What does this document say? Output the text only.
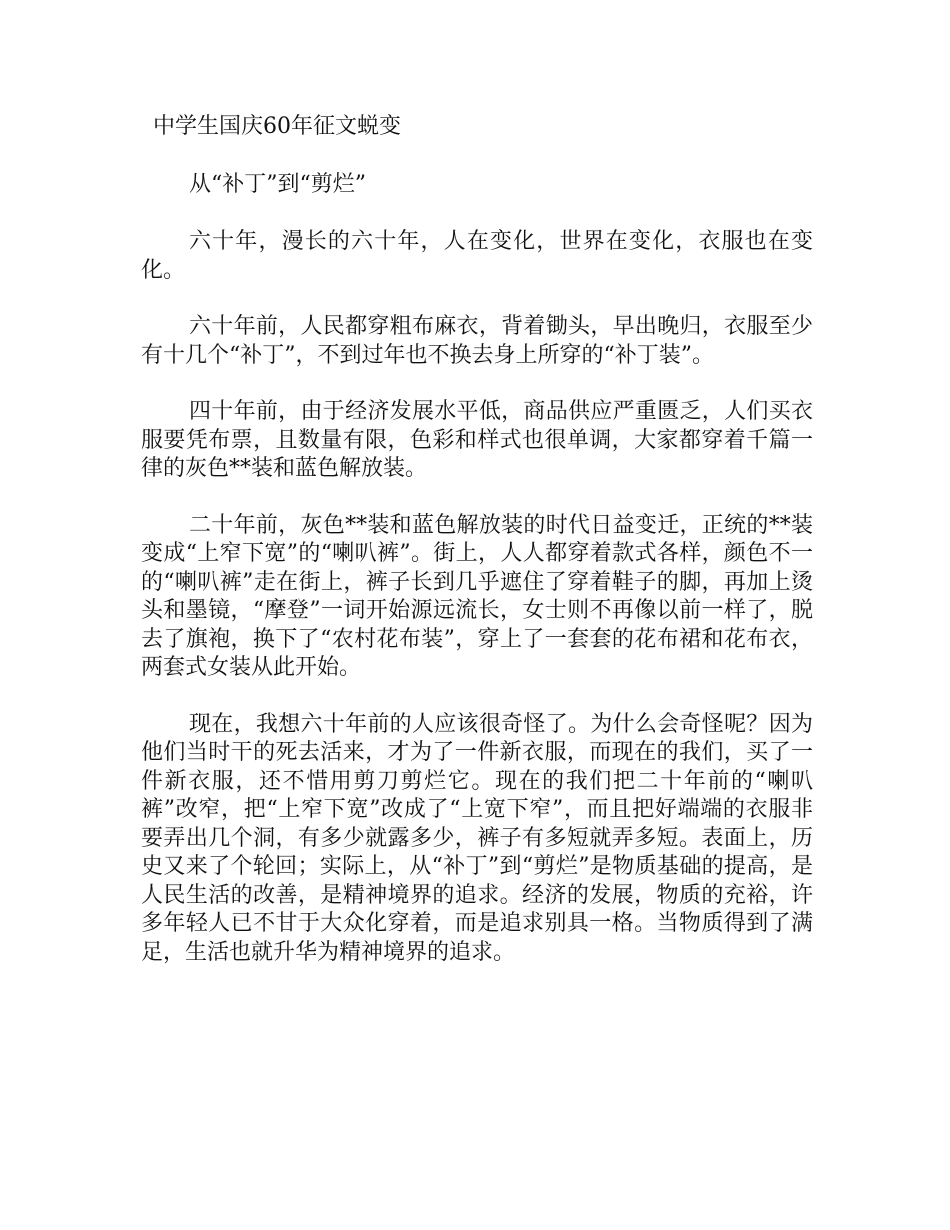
中学生国庆60年征文蜕变
从“补丁”到“剪烂”

六十年，漫长的六十年，人在变化，世界在变化，衣服也在变化。

六十年前，人民都穿粗布麻衣，背着锄头，早出晚归，衣服至少有十几个“补丁”，不到过年也不换去身上所穿的“补丁装”。

四十年前，由于经济发展水平低，商品供应严重匮乏，人们买衣服要凭布票，且数量有限，色彩和样式也很单调，大家都穿着千篇一律的灰色**装和蓝色解放装。

二十年前，灰色**装和蓝色解放装的时代日益变迁，正统的**装变成“上窄下宽”的“喇叭裤”。街上，人人都穿着款式各样，颜色不一的“喇叭裤”走在街上，裤子长到几乎遮住了穿着鞋子的脚，再加上烫头和墨镜，“摩登”一词开始源远流长，女士则不再像以前一样了，脱去了旗袍，换下了“农村花布装”，穿上了一套套的花布裙和花布衣，两套式女装从此开始。

现在，我想六十年前的人应该很奇怪了。为什么会奇怪呢？因为他们当时干的死去活来，才为了一件新衣服，而现在的我们，买了一件新衣服，还不惜用剪刀剪烂它。现在的我们把二十年前的“喇叭裤”改窄，把“上窄下宽”改成了“上宽下窄”，而且把好端端的衣服非要弄出几个洞，有多少就露多少，裤子有多短就弄多短。表面上，历史又来了个轮回；实际上，从“补丁”到“剪烂”是物质基础的提高，是人民生活的改善，是精神境界的追求。经济的发展，物质的充裕，许多年轻人已不甘于大众化穿着，而是追求别具一格。当物质得到了满足，生活也就升华为精神境界的追求。
